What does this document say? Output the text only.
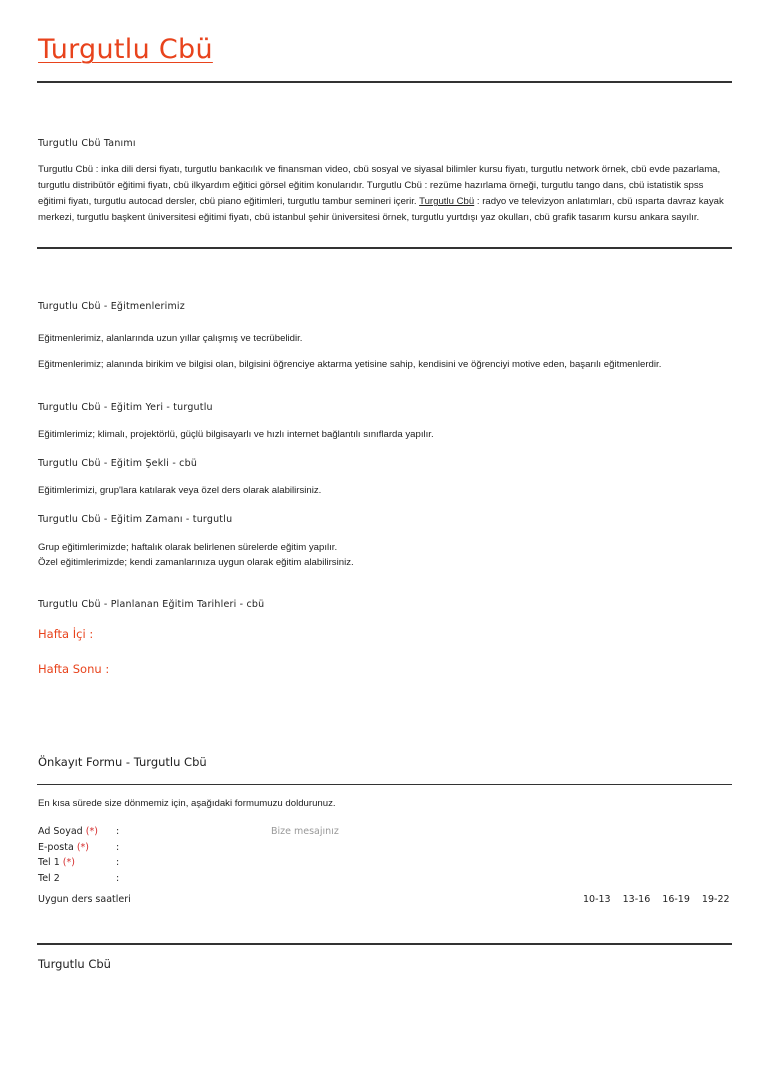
Turgutlu Cbü
Turgutlu Cbü Tanımı
Turgutlu Cbü : inka dili dersi fiyatı, turgutlu bankacılık ve finansman video, cbü sosyal ve siyasal bilimler kursu fiyatı, turgutlu network örnek, cbü evde pazarlama, turgutlu distribütör eğitimi fiyatı, cbü ilkyardım eğitici görsel eğitim konularıdır. Turgutlu Cbü : rezüme hazırlama örneği, turgutlu tango dans, cbü istatistik spss eğitimi fiyatı, turgutlu autocad dersler, cbü piano eğitimleri, turgutlu tambur semineri içerir. Turgutlu Cbü : radyo ve televizyon anlatımları, cbü ısparta davraz kayak merkezi, turgutlu başkent üniversitesi eğitimi fiyatı, cbü istanbul şehir üniversitesi örnek, turgutlu yurtdışı yaz okulları, cbü grafik tasarım kursu ankara sayılır.
Turgutlu Cbü - Eğitmenlerimiz
Eğitmenlerimiz, alanlarında uzun yıllar çalışmış ve tecrübelidir.
Eğitmenlerimiz; alanında birikim ve bilgisi olan, bilgisini öğrenciye aktarma yetisine sahip, kendisini ve öğrenciyi motive eden, başarılı eğitmenlerdir.
Turgutlu Cbü - Eğitim Yeri - turgutlu
Eğitimlerimiz; klimalı, projektörlü, güçlü bilgisayarlı ve hızlı internet bağlantılı sınıflarda yapılır.
Turgutlu Cbü - Eğitim Şekli - cbü
Eğitimlerimizi, grup'lara katılarak veya özel ders olarak alabilirsiniz.
Turgutlu Cbü - Eğitim Zamanı - turgutlu
Grup eğitimlerimizde; haftalık olarak belirlenen sürelerde eğitim yapılır.
Özel eğitimlerimizde; kendi zamanlarınıza uygun olarak eğitim alabilirsiniz.
Turgutlu Cbü - Planlanan Eğitim Tarihleri - cbü
Hafta İçi :
Hafta Sonu :
Önkayıt Formu - Turgutlu Cbü
En kısa sürede size dönmemiz için, aşağıdaki formumuzu doldurunuz.
Ad Soyad (*) :
E-posta (*)	:
Tel 1 (*)	:
Tel 2	:
Bize mesajınız
Uygun ders saatleri	10-13 13-16 16-19 19-22
Turgutlu Cbü
